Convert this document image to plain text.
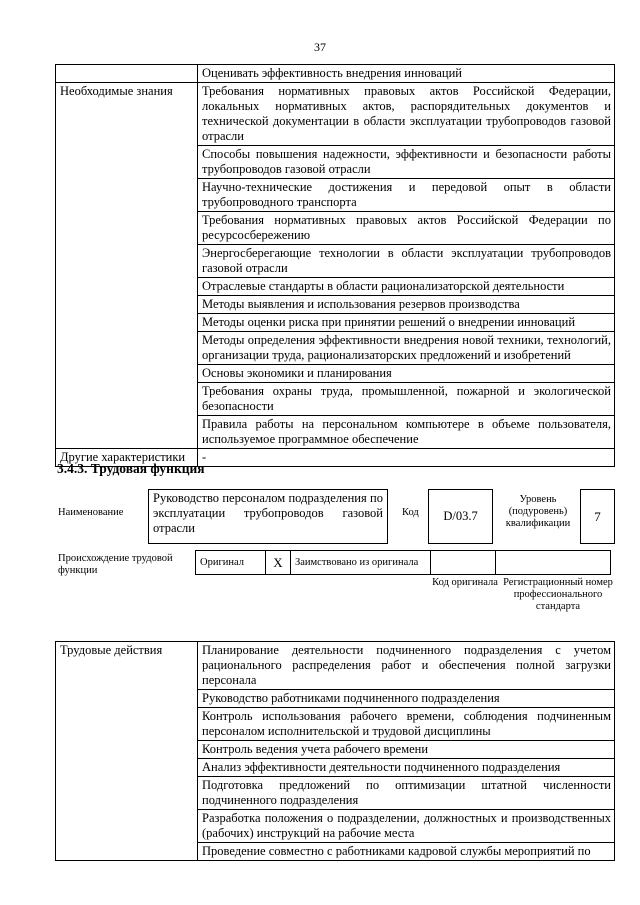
37
	Оценивать эффективность внедрения инноваций
Необходимые знания	Требования нормативных правовых актов Российской Федерации, локальных нормативных актов, распорядительных документов и технической документации в области эксплуатации трубопроводов газовой отрасли
	Способы повышения надежности, эффективности и безопасности работы трубопроводов газовой отрасли
	Научно-технические достижения и передовой опыт в области трубопроводного транспорта
	Требования нормативных правовых актов Российской Федерации по ресурсосбережению
	Энергосберегающие технологии в области эксплуатации трубопроводов газовой отрасли
	Отраслевые стандарты в области рационализаторской деятельности
	Методы выявления и использования резервов производства
	Методы оценки риска при принятии решений о внедрении инноваций
	Методы определения эффективности внедрения новой техники, технологий, организации труда, рационализаторских предложений и изобретений
	Основы экономики и планирования
	Требования охраны труда, промышленной, пожарной и экологической безопасности
	Правила работы на персональном компьютере в объеме пользователя, используемое программное обеспечение
Другие характеристики	-
3.4.3. Трудовая функция
Наименование
Руководство персоналом подразделения по эксплуатации трубопроводов газовой отрасли
Код	D/03.7
Уровень (подуровень) квалификации	7
Происхождение трудовой функции
Оригинал	X	Заимствовано из оригинала		
Код оригинала Регистрационный номер профессионального стандарта
Трудовые действия	Планирование деятельности подчиненного подразделения с учетом рационального распределения работ и обеспечения полной загрузки персонала
Руководство работниками подчиненного подразделения
Контроль использования рабочего времени, соблюдения подчиненным персоналом исполнительской и трудовой дисциплины
Контроль ведения учета рабочего времени
Анализ эффективности деятельности подчиненного подразделения
Подготовка предложений по оптимизации штатной численности подчиненного подразделения
Разработка положения о подразделении, должностных и производственных (рабочих) инструкций на рабочие места
Проведение совместно с работниками кадровой службы мероприятий по
